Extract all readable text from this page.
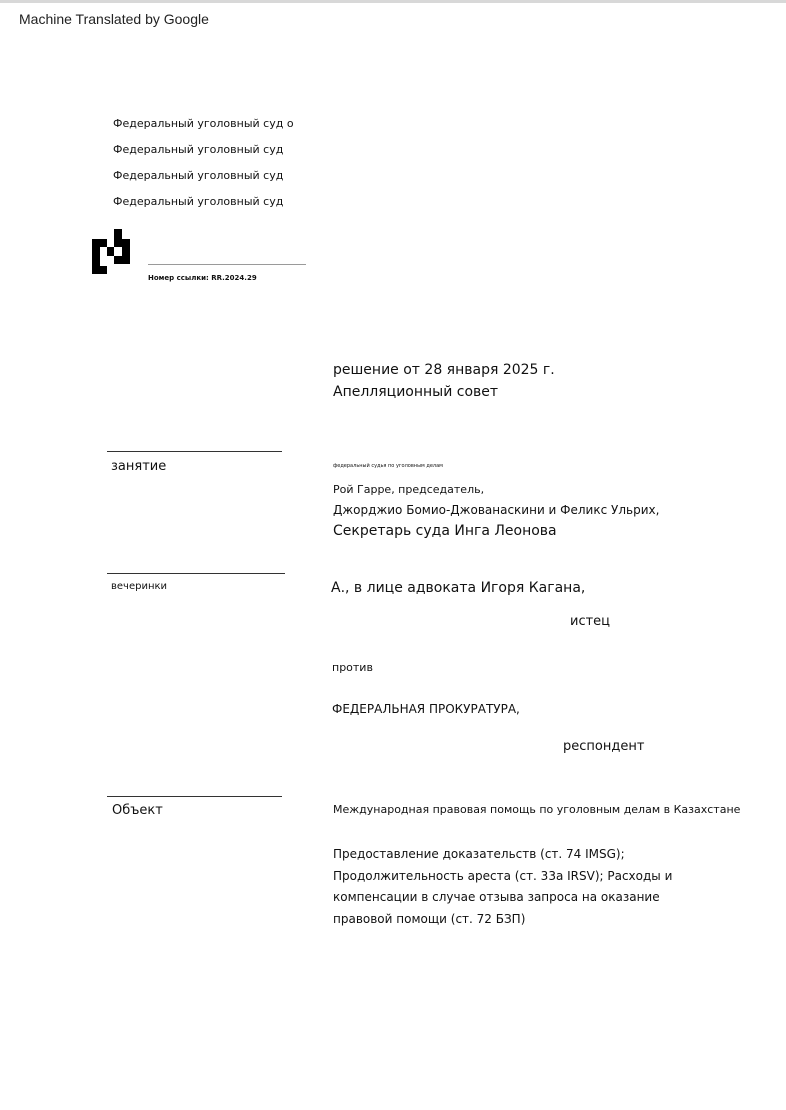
Machine Translated by Google
Федеральный уголовный суд о
Федеральный уголовный суд
Федеральный уголовный суд
Федеральный уголовный суд
Номер ссылки: RR.2024.29
решение от 28 января 2025 г.
Апелляционный совет
занятие	федеральный судья по уголовным делам
Рой Гарре, председатель,
Джорджио Бомио-Джованаскини и Феликс Ульрих,
Секретарь суда Инга Леонова
вечеринки	А., в лице адвоката Игоря Кагана,
истец
против
ФЕДЕРАЛЬНАЯ ПРОКУРАТУРА,
респондент
Объект	Международная правовая помощь по уголовным делам в Казахстане
Предоставление доказательств (ст. 74 IMSG); Продолжительность ареста (ст. 33а IRSV); Расходы и компенсации в случае отзыва запроса на оказание правовой помощи (ст. 72 БЗП)
